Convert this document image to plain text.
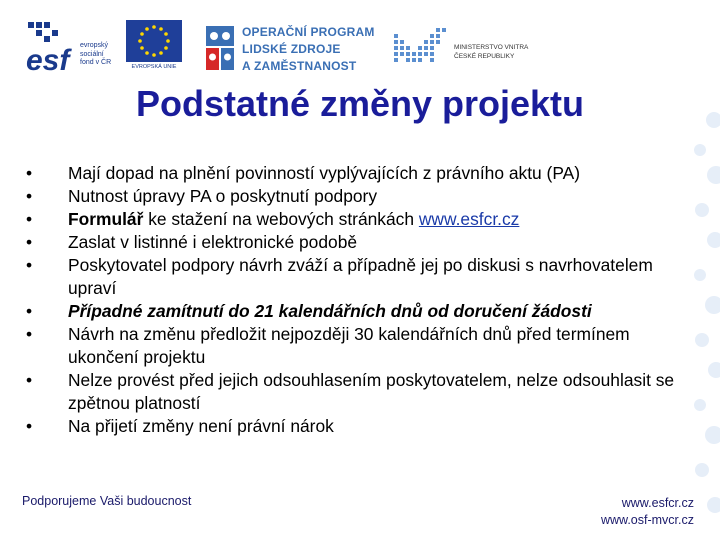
esf	evropský
sociální
fond v ČR
EVROPSKÁ UNIE
OPERAČNÍ PROGRAM
LIDSKÉ ZDROJE
A ZAMĚSTNANOST
MINISTERSTVO VNITRA
ČESKÉ REPUBLIKY
Podstatné změny projektu
• Mají dopad na plnění povinností vyplývajících z právního aktu (PA)
• Nutnost úpravy PA o poskytnutí podpory
• Formulář ke stažení na webových stránkách www.esfcr.cz
• Zaslat v listinné i elektronické podobě
• Poskytovatel podpory návrh zváží a případně jej po diskusi s navrhovatelem upraví
• Případné zamítnutí do 21 kalendářních dnů od doručení žádosti
• Návrh na změnu předložit nejpozději 30 kalendářních dnů před termínem ukončení projektu
• Nelze provést před jejich odsouhlasením poskytovatelem, nelze odsouhlasit se zpětnou platností
• Na přijetí změny není právní nárok
Podporujeme Vaši budoucnost	www.esfcr.cz
www.osf-mvcr.cz
